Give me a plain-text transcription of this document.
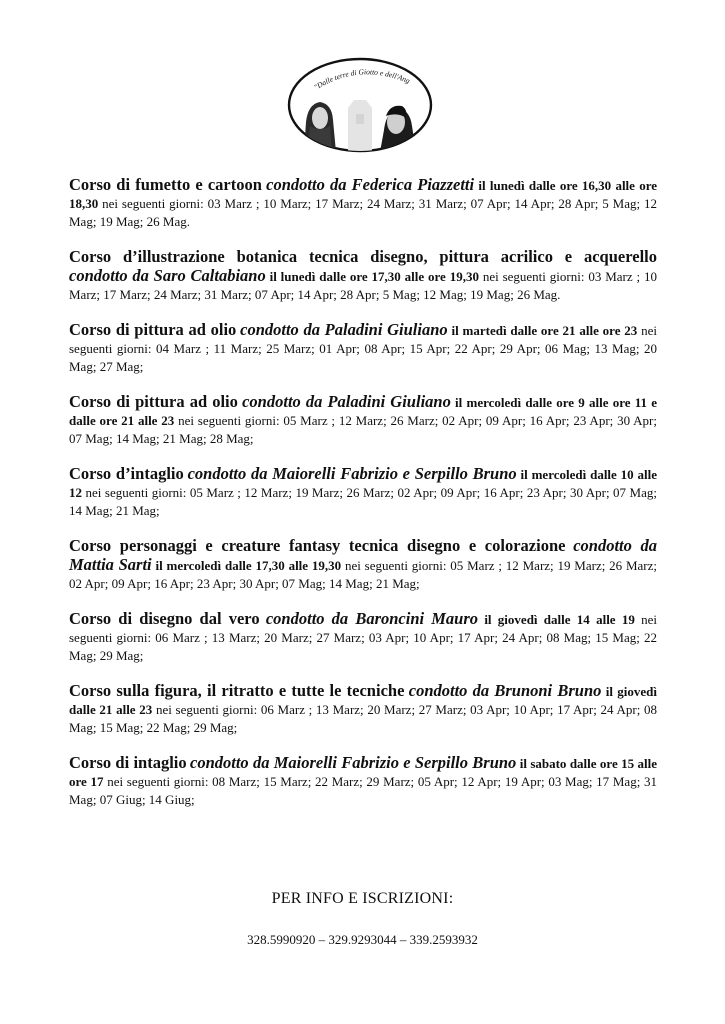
"Dalle terre di Giotto e dell'Ang

Corso di fumetto e cartoon condotto da Federica Piazzetti il lunedì dalle ore 16,30 alle ore 18,30 nei seguenti giorni: 03 Marz ; 10 Marz; 17 Marz; 24 Marz; 31 Marz; 07 Apr; 14 Apr; 28 Apr; 5 Mag; 12 Mag; 19 Mag; 26 Mag.

Corso d’illustrazione botanica tecnica disegno, pittura acrilico e acquerello condotto da Saro Caltabiano il lunedì dalle ore 17,30 alle ore 19,30 nei seguenti giorni: 03 Marz ; 10 Marz; 17 Marz; 24 Marz; 31 Marz; 07 Apr; 14 Apr; 28 Apr; 5 Mag; 12 Mag; 19 Mag; 26 Mag.

Corso di pittura ad olio condotto da Paladini Giuliano il martedì dalle ore 21 alle ore 23 nei seguenti giorni: 04 Marz ; 11 Marz; 25 Marz; 01 Apr; 08 Apr; 15 Apr; 22 Apr; 29 Apr; 06 Mag; 13 Mag; 20 Mag; 27 Mag;

Corso di pittura ad olio condotto da Paladini Giuliano il mercoledì dalle ore 9 alle ore 11 e dalle ore 21 alle 23 nei seguenti giorni: 05 Marz ; 12 Marz; 26 Marz; 02 Apr; 09 Apr; 16 Apr; 23 Apr; 30 Apr; 07 Mag; 14 Mag; 21 Mag; 28 Mag;

Corso d’intaglio condotto da Maiorelli Fabrizio e Serpillo Bruno il mercoledì dalle 10 alle 12 nei seguenti giorni: 05 Marz ; 12 Marz; 19 Marz; 26 Marz; 02 Apr; 09 Apr; 16 Apr; 23 Apr; 30 Apr; 07 Mag; 14 Mag; 21 Mag;

Corso personaggi e creature fantasy tecnica disegno e colorazione condotto da Mattia Sarti il mercoledì dalle 17,30 alle 19,30 nei seguenti giorni: 05 Marz ; 12 Marz; 19 Marz; 26 Marz; 02 Apr; 09 Apr; 16 Apr; 23 Apr; 30 Apr; 07 Mag; 14 Mag; 21 Mag;

Corso di disegno dal vero condotto da Baroncini Mauro il giovedì dalle 14 alle 19 nei seguenti giorni: 06 Marz ; 13 Marz; 20 Marz; 27 Marz; 03 Apr; 10 Apr; 17 Apr; 24 Apr; 08 Mag; 15 Mag; 22 Mag; 29 Mag;

Corso sulla figura, il ritratto e tutte le tecniche condotto da Brunoni Bruno il giovedì dalle 21 alle 23 nei seguenti giorni: 06 Marz ; 13 Marz; 20 Marz; 27 Marz; 03 Apr; 10 Apr; 17 Apr; 24 Apr; 08 Mag; 15 Mag; 22 Mag; 29 Mag;

Corso di intaglio condotto da Maiorelli Fabrizio e Serpillo Bruno il sabato dalle ore 15 alle ore 17 nei seguenti giorni: 08 Marz; 15 Marz; 22 Marz; 29 Marz; 05 Apr; 12 Apr; 19 Apr; 03 Mag; 17 Mag; 31 Mag; 07 Giug; 14 Giug;

PER INFO E ISCRIZIONI:
328.5990920 – 329.9293044 – 339.2593932
